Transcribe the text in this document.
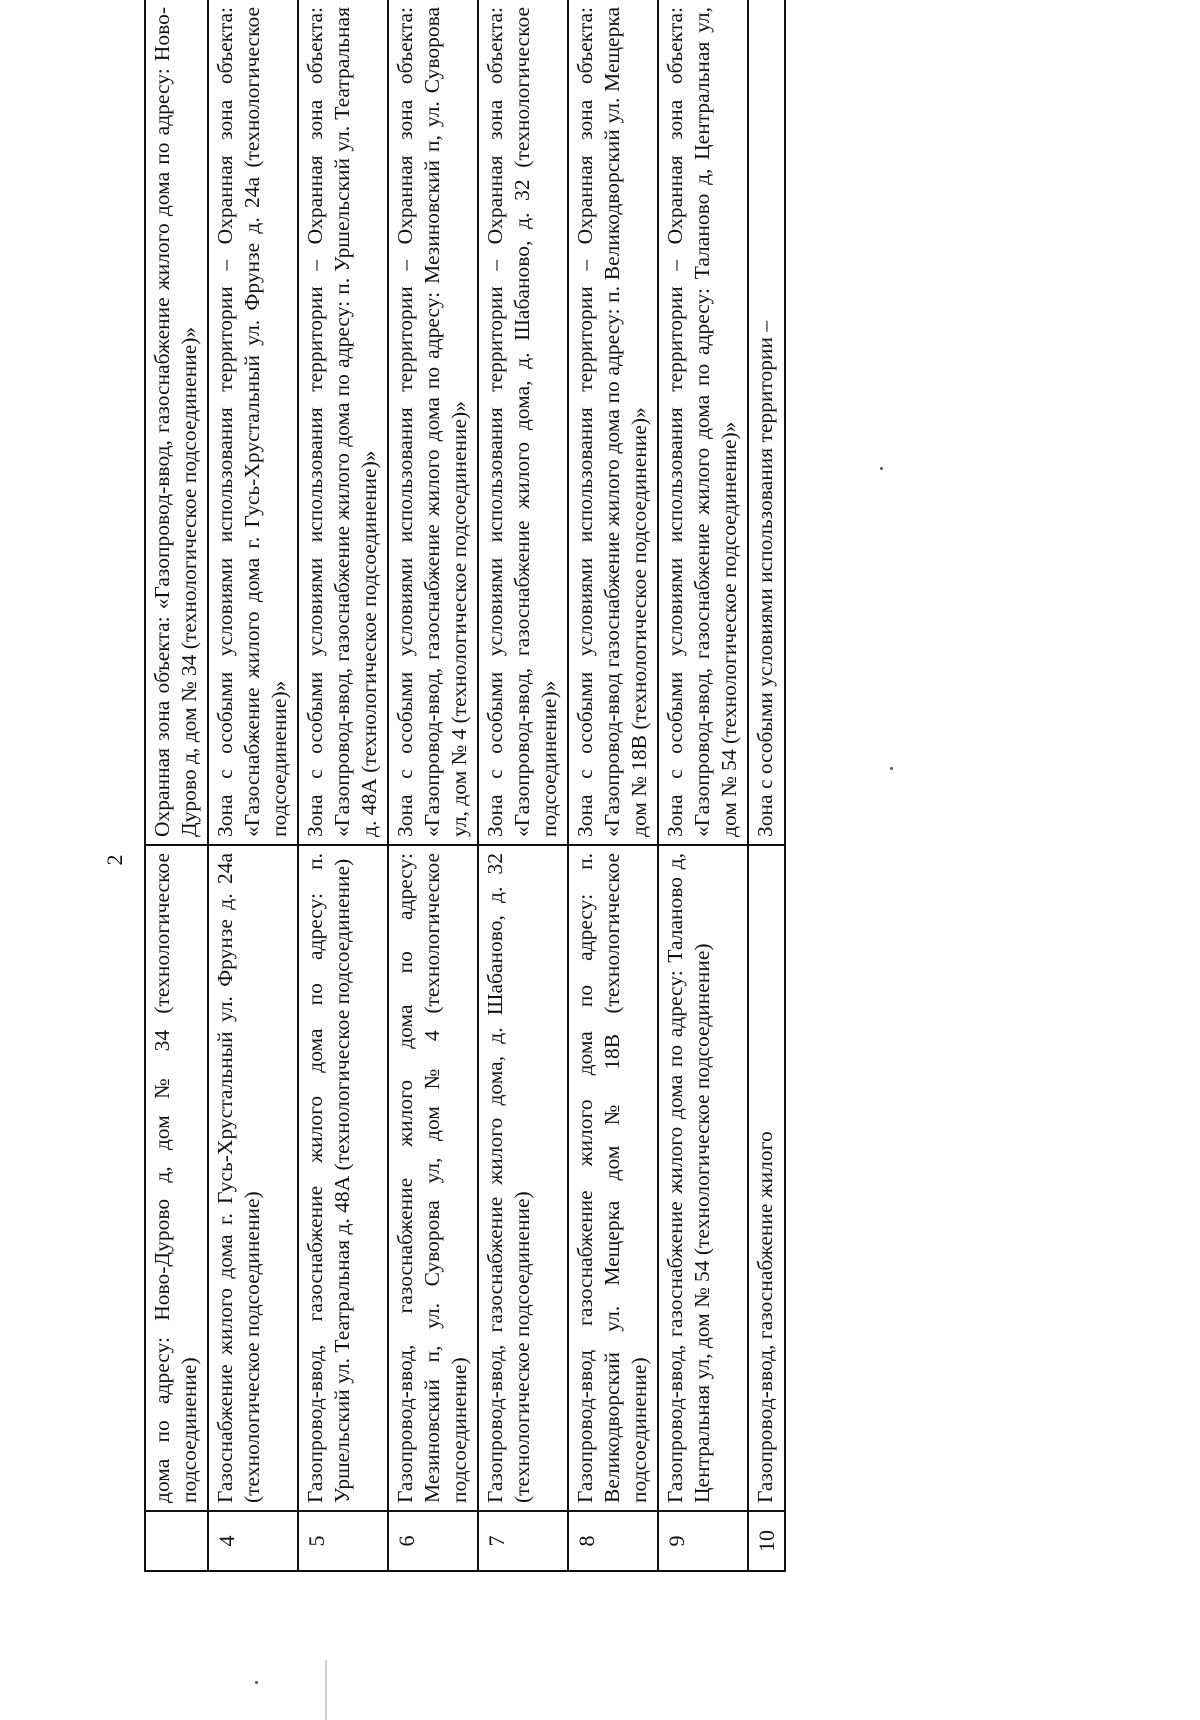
2
	дома по адресу: Ново-Дурово д, дом № 34 (технологическое подсоединение)	Охранная зона объекта: «Газопровод-ввод, газоснабжение жилого дома по адресу: Ново-Дурово д, дом № 34 (технологическое подсоединение)»
4	Газоснабжение жилого дома г. Гусь-Хрустальный ул. Фрунзе д. 24а (технологическое подсоединение)	Зона с особыми условиями использования территории – Охранная зона объекта: «Газоснабжение жилого дома г. Гусь-Хрустальный ул. Фрунзе д. 24а (технологическое подсоединение)»
5	Газопровод-ввод, газоснабжение жилого дома по адресу: п. Уршельский ул. Театральная д. 48А (технологическое подсоединение)	Зона с особыми условиями использования территории – Охранная зона объекта: «Газопровод-ввод, газоснабжение жилого дома по адресу: п. Уршельский ул. Театральная д. 48А (технологическое подсоединение)»
6	Газопровод-ввод, газоснабжение жилого дома по адресу: Мезиновский п, ул. Суворова ул, дом № 4 (технологическое подсоединение)	Зона с особыми условиями использования территории – Охранная зона объекта: «Газопровод-ввод, газоснабжение жилого дома по адресу: Мезиновский п, ул. Суворова ул, дом № 4 (технологическое подсоединение)»
7	Газопровод-ввод, газоснабжение жилого дома, д. Шабаново, д. 32 (технологическое подсоединение)	Зона с особыми условиями использования территории – Охранная зона объекта: «Газопровод-ввод, газоснабжение жилого дома, д. Шабаново, д. 32 (технологическое подсоединение)»
8	Газопровод-ввод газоснабжение жилого дома по адресу: п. Великодворский ул. Мещерка дом № 18В (технологическое подсоединение)	Зона с особыми условиями использования территории – Охранная зона объекта: «Газопровод-ввод газоснабжение жилого дома по адресу: п. Великодворский ул. Мещерка дом № 18В (технологическое подсоединение)»
9	Газопровод-ввод, газоснабжение жилого дома по адресу: Таланово д, Центральная ул, дом № 54 (технологическое подсоединение)	Зона с особыми условиями использования территории – Охранная зона объекта: «Газопровод-ввод, газоснабжение жилого дома по адресу: Таланово д, Центральная ул, дом № 54 (технологическое подсоединение)»
10	Газопровод-ввод, газоснабжение жилого	Зона с особыми условиями использования территории –
